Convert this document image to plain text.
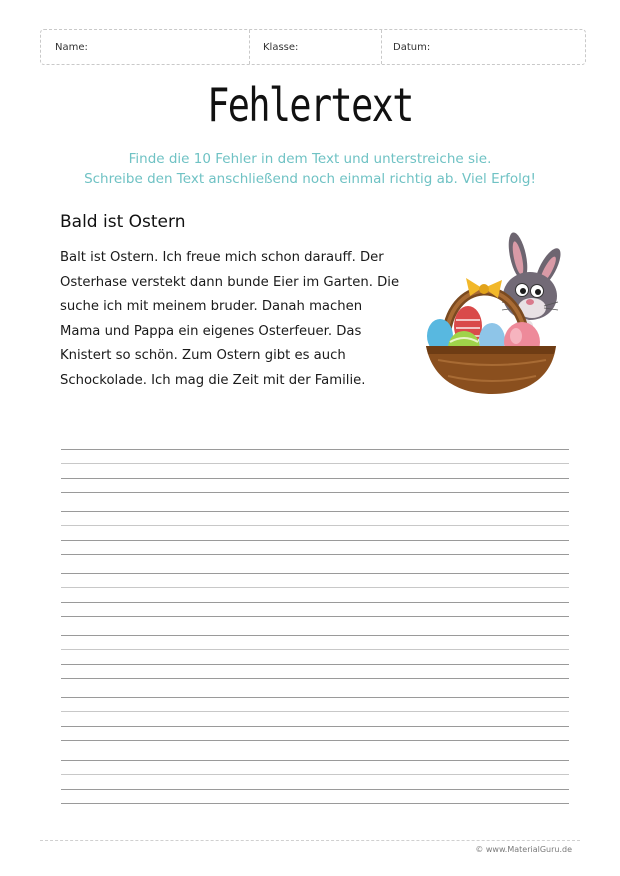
Name:	Klasse:	Datum:
Fehlertext
Finde die 10 Fehler in dem Text und unterstreiche sie.
Schreibe den Text anschließend noch einmal richtig ab. Viel Erfolg!
Bald ist Ostern
Balt ist Ostern. Ich freue mich schon darauff. Der
Osterhase verstekt dann bunde Eier im Garten. Die
suche ich mit meinem bruder. Danah machen
Mama und Pappa ein eigenes Osterfeuer. Das
Knistert so schön. Zum Ostern gibt es auch
Schockolade. Ich mag die Zeit mit der Familie.
© www.MaterialGuru.de
